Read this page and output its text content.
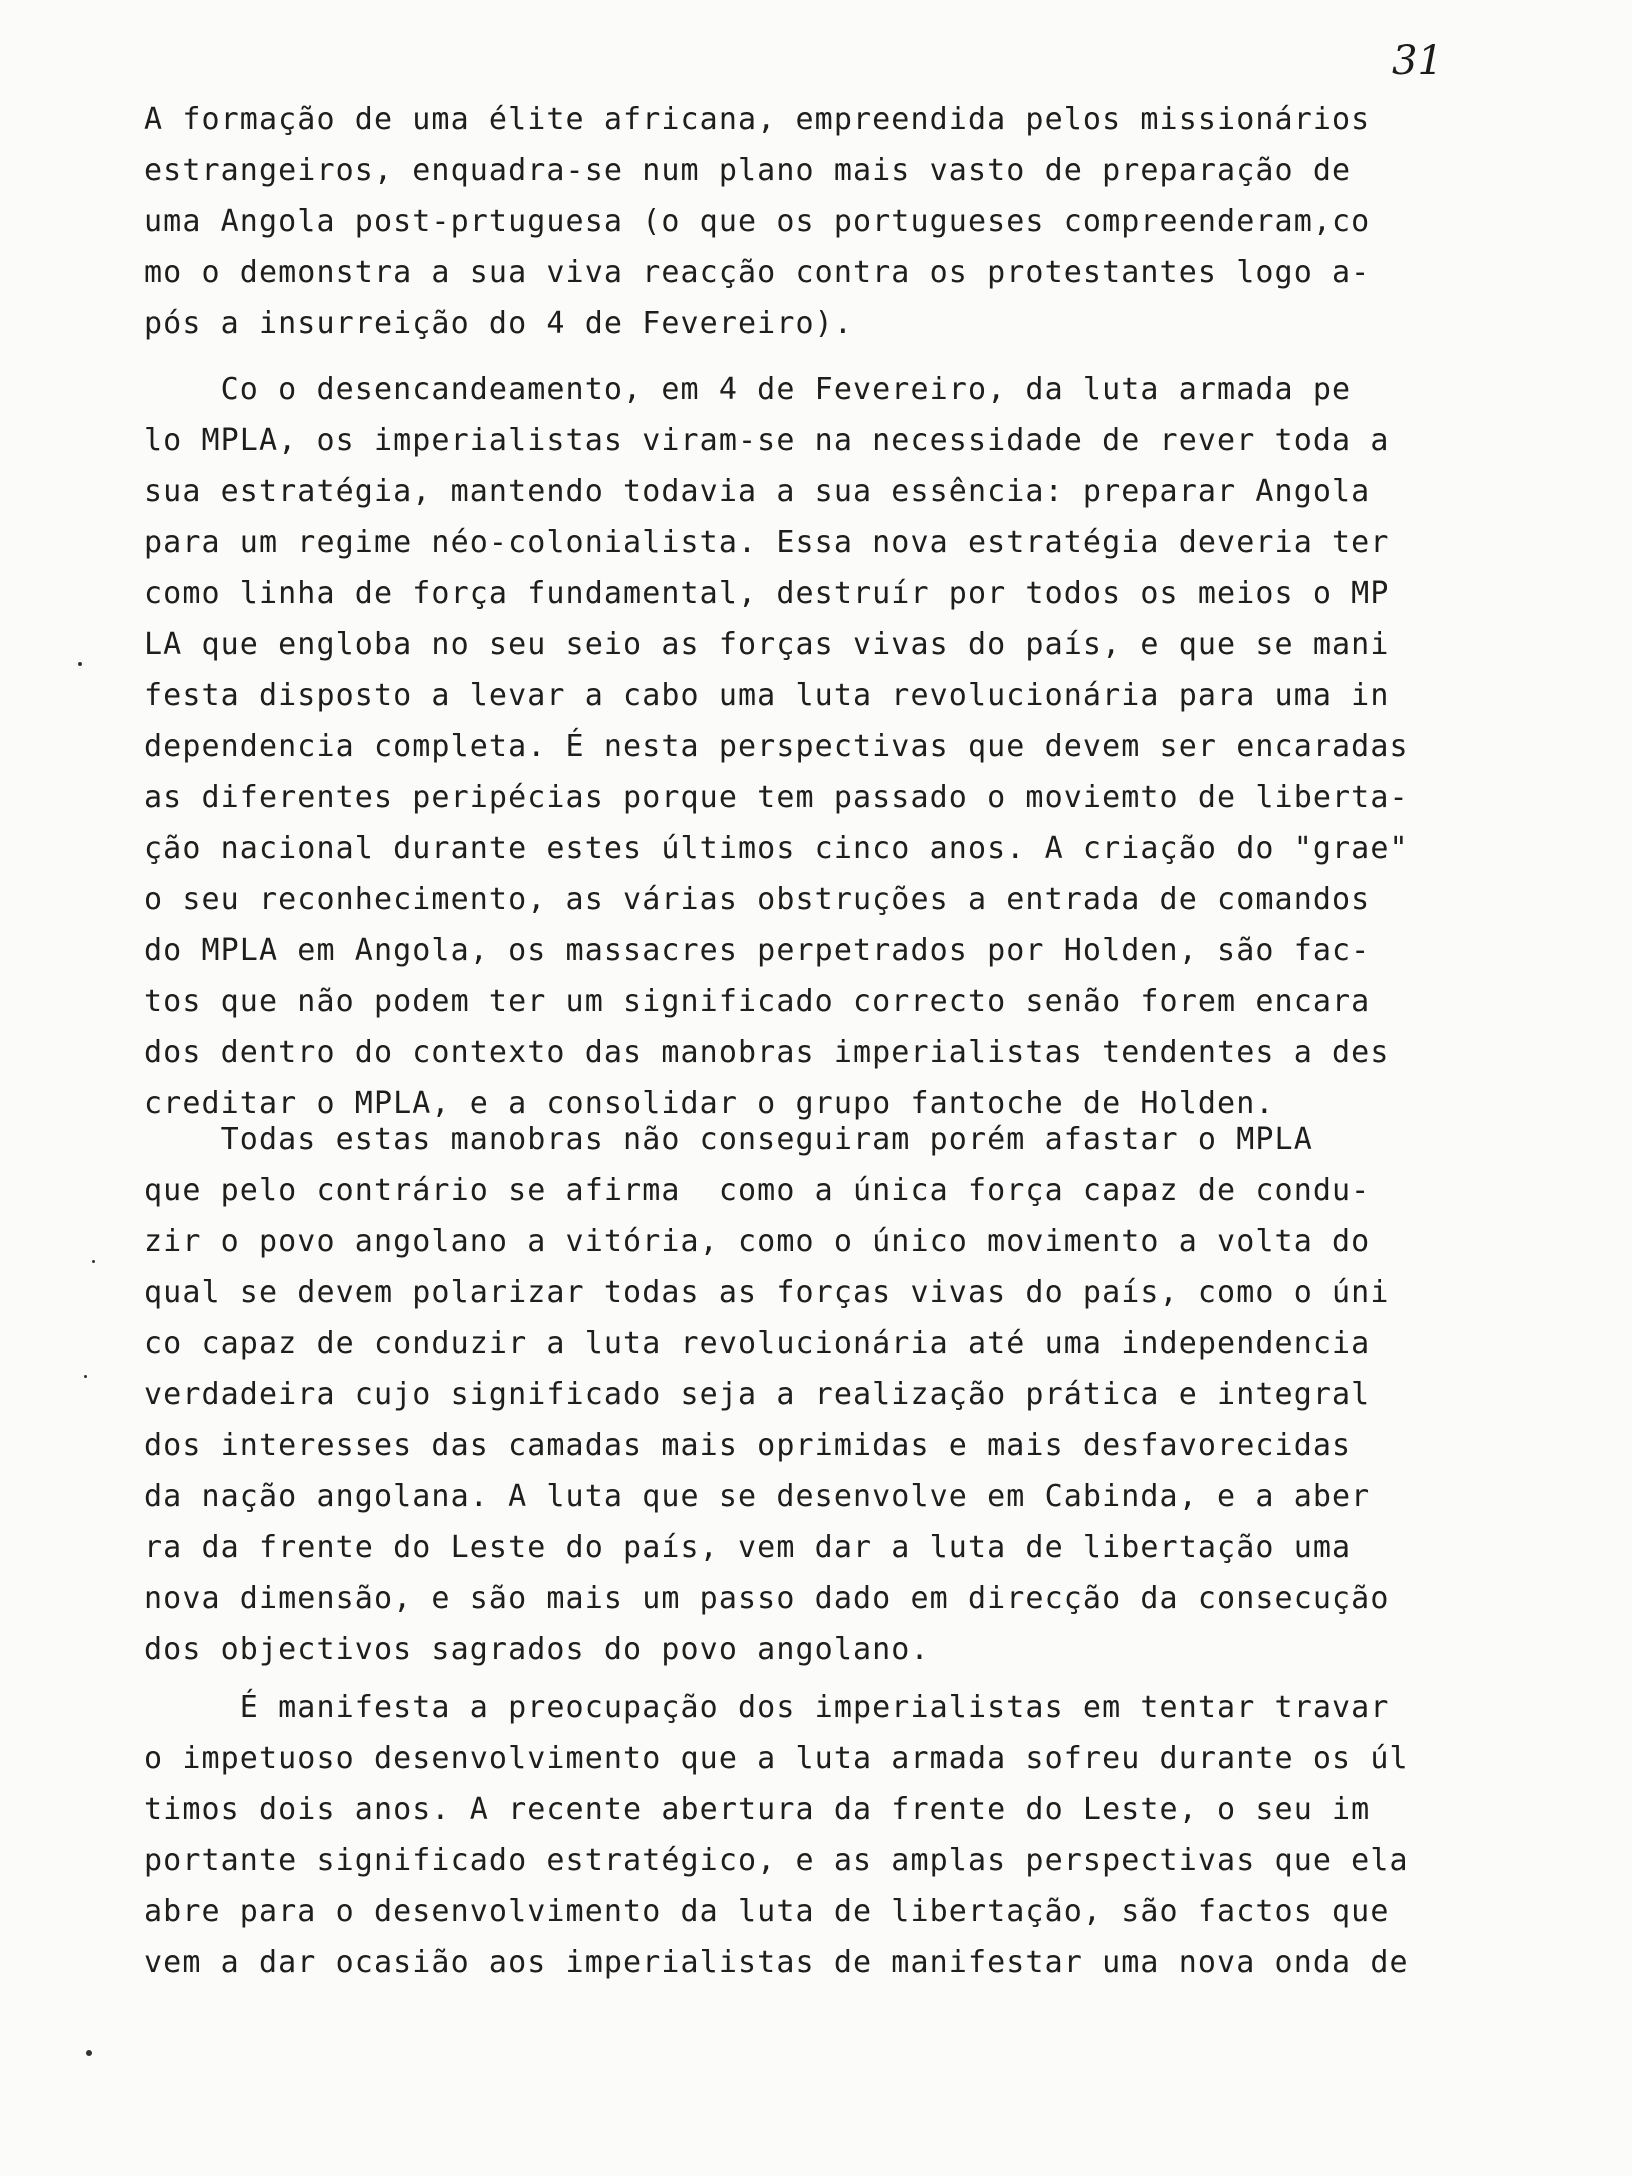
31
A formação de uma élite africana, empreendida pelos missionários
estrangeiros, enquadra-se num plano mais vasto de preparação de
uma Angola post-prtuguesa (o que os portugueses compreenderam,co
mo o demonstra a sua viva reacção contra os protestantes logo a-
pós a insurreição do 4 de Fevereiro).
Co o desencandeamento, em 4 de Fevereiro, da luta armada pe
lo MPLA, os imperialistas viram-se na necessidade de rever toda a
sua estratégia, mantendo todavia a sua essência: preparar Angola
para um regime néo-colonialista. Essa nova estratégia deveria ter
como linha de força fundamental, destruír por todos os meios o MP
LA que engloba no seu seio as forças vivas do país, e que se mani
festa disposto a levar a cabo uma luta revolucionária para uma in
dependencia completa. É nesta perspectivas que devem ser encaradas
as diferentes peripécias porque tem passado o moviemto de liberta-
ção nacional durante estes últimos cinco anos. A criação do "grae"
o seu reconhecimento, as várias obstruções a entrada de comandos
do MPLA em Angola, os massacres perpetrados por Holden, são fac-
tos que não podem ter um significado correcto senão forem encara
dos dentro do contexto das manobras imperialistas tendentes a des
creditar o MPLA, e a consolidar o grupo fantoche de Holden.
Todas estas manobras não conseguiram porém afastar o MPLA
que pelo contrário se afirma  como a única força capaz de condu-
zir o povo angolano a vitória, como o único movimento a volta do
qual se devem polarizar todas as forças vivas do país, como o úni
co capaz de conduzir a luta revolucionária até uma independencia
verdadeira cujo significado seja a realização prática e integral
dos interesses das camadas mais oprimidas e mais desfavorecidas
da nação angolana. A luta que se desenvolve em Cabinda, e a aber
ra da frente do Leste do país, vem dar a luta de libertação uma
nova dimensão, e são mais um passo dado em direcção da consecução
dos objectivos sagrados do povo angolano.
É manifesta a preocupação dos imperialistas em tentar travar
o impetuoso desenvolvimento que a luta armada sofreu durante os úl
timos dois anos. A recente abertura da frente do Leste, o seu im
portante significado estratégico, e as amplas perspectivas que ela
abre para o desenvolvimento da luta de libertação, são factos que
vem a dar ocasião aos imperialistas de manifestar uma nova onda de
